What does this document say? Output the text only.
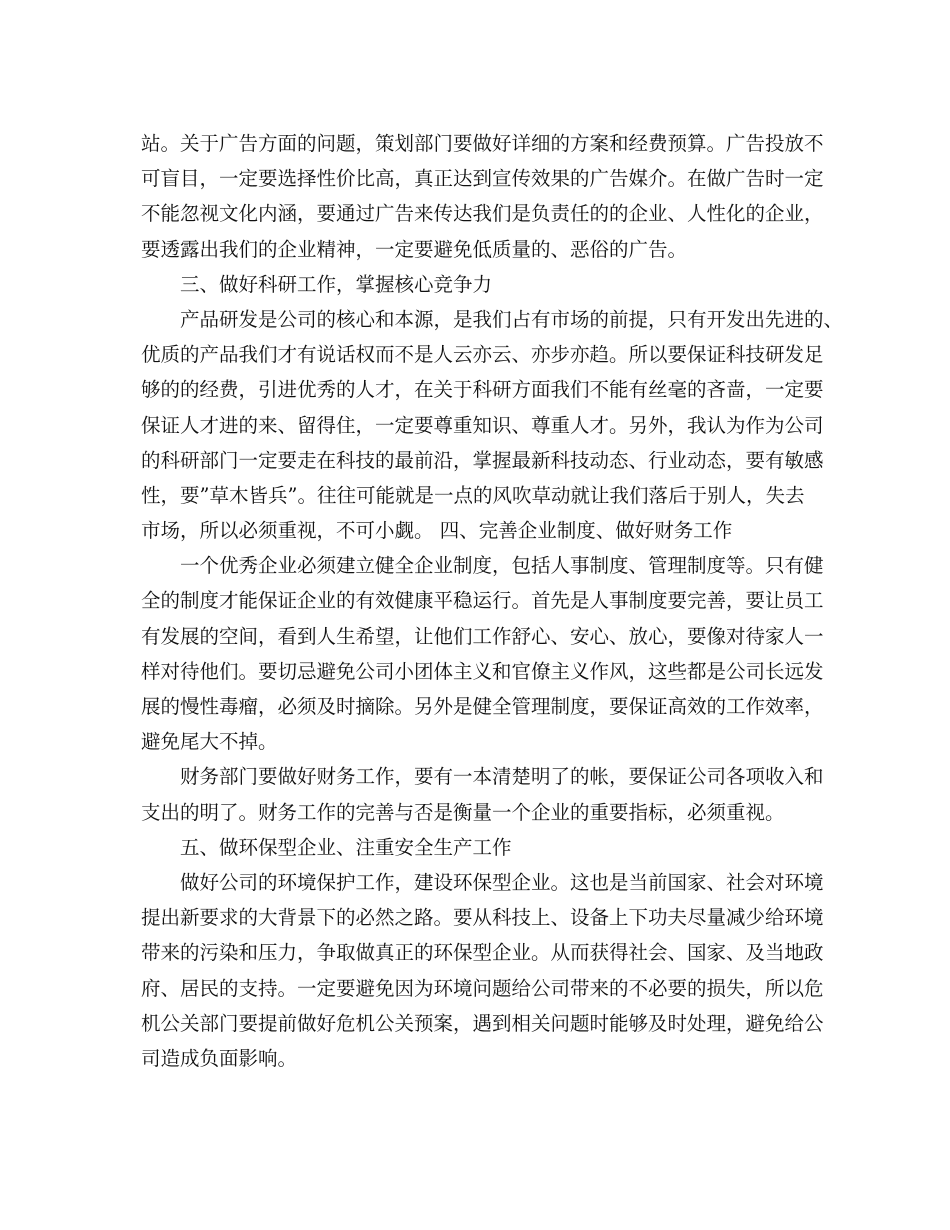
站。关于广告方面的问题，策划部门要做好详细的方案和经费预算。广告投放不
可盲目，一定要选择性价比高，真正达到宣传效果的广告媒介。在做广告时一定
不能忽视文化内涵，要通过广告来传达我们是负责任的的企业、人性化的企业，
要透露出我们的企业精神，一定要避免低质量的、恶俗的广告。
三、做好科研工作，掌握核心竞争力
产品研发是公司的核心和本源，是我们占有市场的前提，只有开发出先进的、
优质的产品我们才有说话权而不是人云亦云、亦步亦趋。所以要保证科技研发足
够的的经费，引进优秀的人才，在关于科研方面我们不能有丝毫的吝啬，一定要
保证人才进的来、留得住，一定要尊重知识、尊重人才。另外，我认为作为公司
的科研部门一定要走在科技的最前沿，掌握最新科技动态、行业动态，要有敏感
性，要”草木皆兵”。往往可能就是一点的风吹草动就让我们落后于别人，失去
市场，所以必须重视，不可小觑。 四、完善企业制度、做好财务工作
一个优秀企业必须建立健全企业制度，包括人事制度、管理制度等。只有健
全的制度才能保证企业的有效健康平稳运行。首先是人事制度要完善，要让员工
有发展的空间，看到人生希望，让他们工作舒心、安心、放心，要像对待家人一
样对待他们。要切忌避免公司小团体主义和官僚主义作风，这些都是公司长远发
展的慢性毒瘤，必须及时摘除。另外是健全管理制度，要保证高效的工作效率，
避免尾大不掉。
财务部门要做好财务工作，要有一本清楚明了的帐，要保证公司各项收入和
支出的明了。财务工作的完善与否是衡量一个企业的重要指标，必须重视。
五、做环保型企业、注重安全生产工作
做好公司的环境保护工作，建设环保型企业。这也是当前国家、社会对环境
提出新要求的大背景下的必然之路。要从科技上、设备上下功夫尽量减少给环境
带来的污染和压力，争取做真正的环保型企业。从而获得社会、国家、及当地政
府、居民的支持。一定要避免因为环境问题给公司带来的不必要的损失，所以危
机公关部门要提前做好危机公关预案，遇到相关问题时能够及时处理，避免给公
司造成负面影响。
